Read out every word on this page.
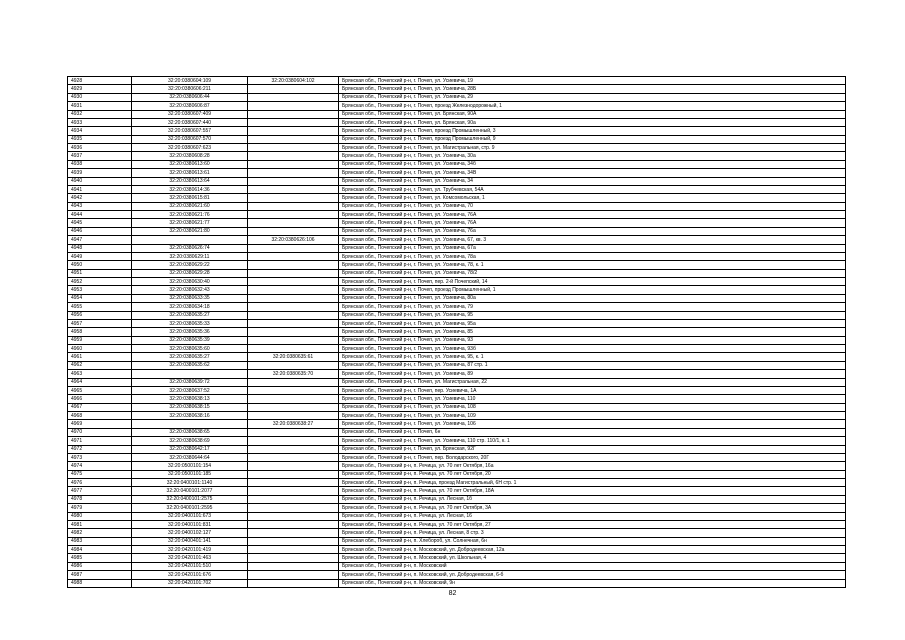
4928	32:20:0380604:109	32:20:0380604:102	Брянская обл., Почепский р-н, г. Почеп, ул. Усиевича, 19
4929	32:20:0380606:211		Брянская обл., Почепский р-н, г. Почеп, ул. Усиевича, 28Б
4930	32:20:0380606:44		Брянская обл., Почепский р-н, г. Почеп, ул. Усиевича, 29
4931	32:20:0380606:87		Брянская обл., Почепский р-н, г. Почеп, проезд Железнодорожный, 1
4932	32:20:0380607:409		Брянская обл., Почепский р-н, г. Почеп, ул. Брянская, 90А
4933	32:20:0380607:440		Брянская обл., Почепский р-н, г. Почеп, ул. Брянская, 90а
4934	32:20:0380607:557		Брянская обл., Почепский р-н, г. Почеп, проезд Промышленный, 3
4935	32:20:0380607:570		Брянская обл., Почепский р-н, г. Почеп, проезд Промышленный, 9
4936	32:20:0380607:623		Брянская обл., Почепский р-н, г. Почеп, ул. Магистральная, стр. 9
4937	32:20:0380608:28		Брянская обл., Почепский р-н, г. Почеп, ул. Усиевича, 30а
4938	32:20:0380613:60		Брянская обл., Почепский р-н, г. Почеп, ул. Усиевича, 34б
4939	32:20:0380613:61		Брянская обл., Почепский р-н, г. Почеп, ул. Усиевича, 34В
4940	32:20:0380613:64		Брянская обл., Почепский р-н, г. Почеп, ул. Усиевича, 34
4941	32:20:0380614:36		Брянская обл., Почепский р-н, г. Почеп, ул. Трубчевская, 54А
4942	32:20:0380615:81		Брянская обл., Почепский р-н, г. Почеп, ул. Комсомольская, 1
4943	32:20:0380621:60		Брянская обл., Почепский р-н, г. Почеп, ул. Усиевича, 70
4944	32:20:0380621:76		Брянская обл., Почепский р-н, г. Почеп, ул. Усиевича, 76А
4945	32:20:0380621:77		Брянская обл., Почепский р-н, г. Почеп, ул. Усиевича, 76А
4946	32:20:0380621:80		Брянская обл., Почепский р-н, г. Почеп, ул. Усиевича, 76а
4947		32:20:0380626:106	Брянская обл., Почепский р-н, г. Почеп, ул. Усиевича, 67, кв. 3
4948	32:20:0380626:74		Брянская обл., Почепский р-н, г. Почеп, ул. Усиевича, 67а
4949	32:20:0380629:11		Брянская обл., Почепский р-н, г. Почеп, ул. Усиевича, 78а
4950	32:20:0380629:22		Брянская обл., Почепский р-н, г. Почеп, ул. Усиевича, 78, к. 1
4951	32:20:0380629:28		Брянская обл., Почепский р-н, г. Почеп, ул. Усиевича, 78/2
4952	32:20:0380630:40		Брянская обл., Почепский р-н, г. Почеп, пер. 2-й Почепский, 14
4953	32:20:0380632:43		Брянская обл., Почепский р-н, г. Почеп, проезд Промышленный, 1
4954	32:20:0380633:35		Брянская обл., Почепский р-н, г. Почеп, ул. Усиевича, 80а
4955	32:20:0380634:18		Брянская обл., Почепский р-н, г. Почеп, ул. Усиевича, 79
4956	32:20:0380635:27		Брянская обл., Почепский р-н, г. Почеп, ул. Усиевича, 95
4957	32:20:0380635:33		Брянская обл., Почепский р-н, г. Почеп, ул. Усиевича, 95а
4958	32:20:0380635:36		Брянская обл., Почепский р-н, г. Почеп, ул. Усиевича, 85
4959	32:20:0380635:39		Брянская обл., Почепский р-н, г. Почеп, ул. Усиевича, 93
4960	32:20:0380635:60		Брянская обл., Почепский р-н, г. Почеп, ул. Усиевича, 93б
4961	32:20:0380635:27	32:20:0380635:61	Брянская обл., Почепский р-н, г. Почеп, ул. Усиевича, 95, к. 1
4962	32:20:0380635:62		Брянская обл., Почепский р-н, г. Почеп, ул. Усиевича, 87 стр. 1
4963		32:20:0380635:70	Брянская обл., Почепский р-н, г. Почеп, ул. Усиевича, 89
4964	32:20:0380639:72		Брянская обл., Почепский р-н, г. Почеп, ул. Магистральная, 22
4965	32:20:0380637:52		Брянская обл., Почепский р-н, г. Почеп, пер. Усиевича, 1А
4966	32:20:0380638:13		Брянская обл., Почепский р-н, г. Почеп, ул. Усиевича, 110
4967	32:20:0380638:15		Брянская обл., Почепский р-н, г. Почеп, ул. Усиевича, 108
4968	32:20:0380638:16		Брянская обл., Почепский р-н, г. Почеп, ул. Усиевича, 109
4969		32:20:0380638:27	Брянская обл., Почепский р-н, г. Почеп, ул. Усиевича, 106
4970	32:20:0380638:65		Брянская обл., Почепский р-н, г. Почеп, 6н
4971	32:20:0380638:69		Брянская обл., Почепский р-н, г. Почеп, ул. Усиевича, 110 стр. 110/1, к. 1
4972	32:20:0380642:17		Брянская обл., Почепский р-н, г. Почеп, ул. Брянская, 92Г
4973	32:20:0380644:64		Брянская обл., Почепский р-н, г. Почеп, пер. Володарского, 20Г
4974	32:20:0500101:154		Брянская обл., Почепский р-н, п. Речица, ул. 70 лет Октября, 16а
4975	32:20:0500101:185		Брянская обл., Почепский р-н, п. Речица, ул. 70 лет Октября, 20
4976	32:20:0400101:1140		Брянская обл., Почепский р-н, п. Речица, проезд Магистральный, 6Н стр. 1
4977	32:20:0400101:2077		Брянская обл., Почепский р-н, п. Речица, ул. 70 лет Октября, 18А
4978	32:20:0400101:2575		Брянская обл., Почепский р-н, п. Речица, ул. Лесная, 1б
4979	32:20:0400101:2595		Брянская обл., Почепский р-н, п. Речица, ул. 70 лет Октября, 3А
4980	32:20:0400101:673		Брянская обл., Почепский р-н, п. Речица, ул. Лесная, 16
4981	32:20:0400101:831		Брянская обл., Почепский р-н, п. Речица, ул. 70 лет Октября, 27
4982	32:20:0400102:127		Брянская обл., Почепский р-н, п. Речица, ул. Лесная, 8 стр. 3
4983	32:20:0400401:141		Брянская обл., Почепский р-н, п. Хлебороб, ул. Солнечная, 6н
4984	32:20:0420101:419		Брянская обл., Почепский р-н, п. Московский, ул. Добродеевская, 12а
4985	32:20:0420101:463		Брянская обл., Почепский р-н, п. Московский, ул. Школьная, 4
4986	32:20:0420101:510		Брянская обл., Почепский р-н, п. Московский
4987	32:20:0420101:676		Брянская обл., Почепский р-н, п. Московский, ул. Добродеевская, 6-б
4988	32:20:0420101:702		Брянская обл., Почепский р-н, п. Московский, 9н
82
